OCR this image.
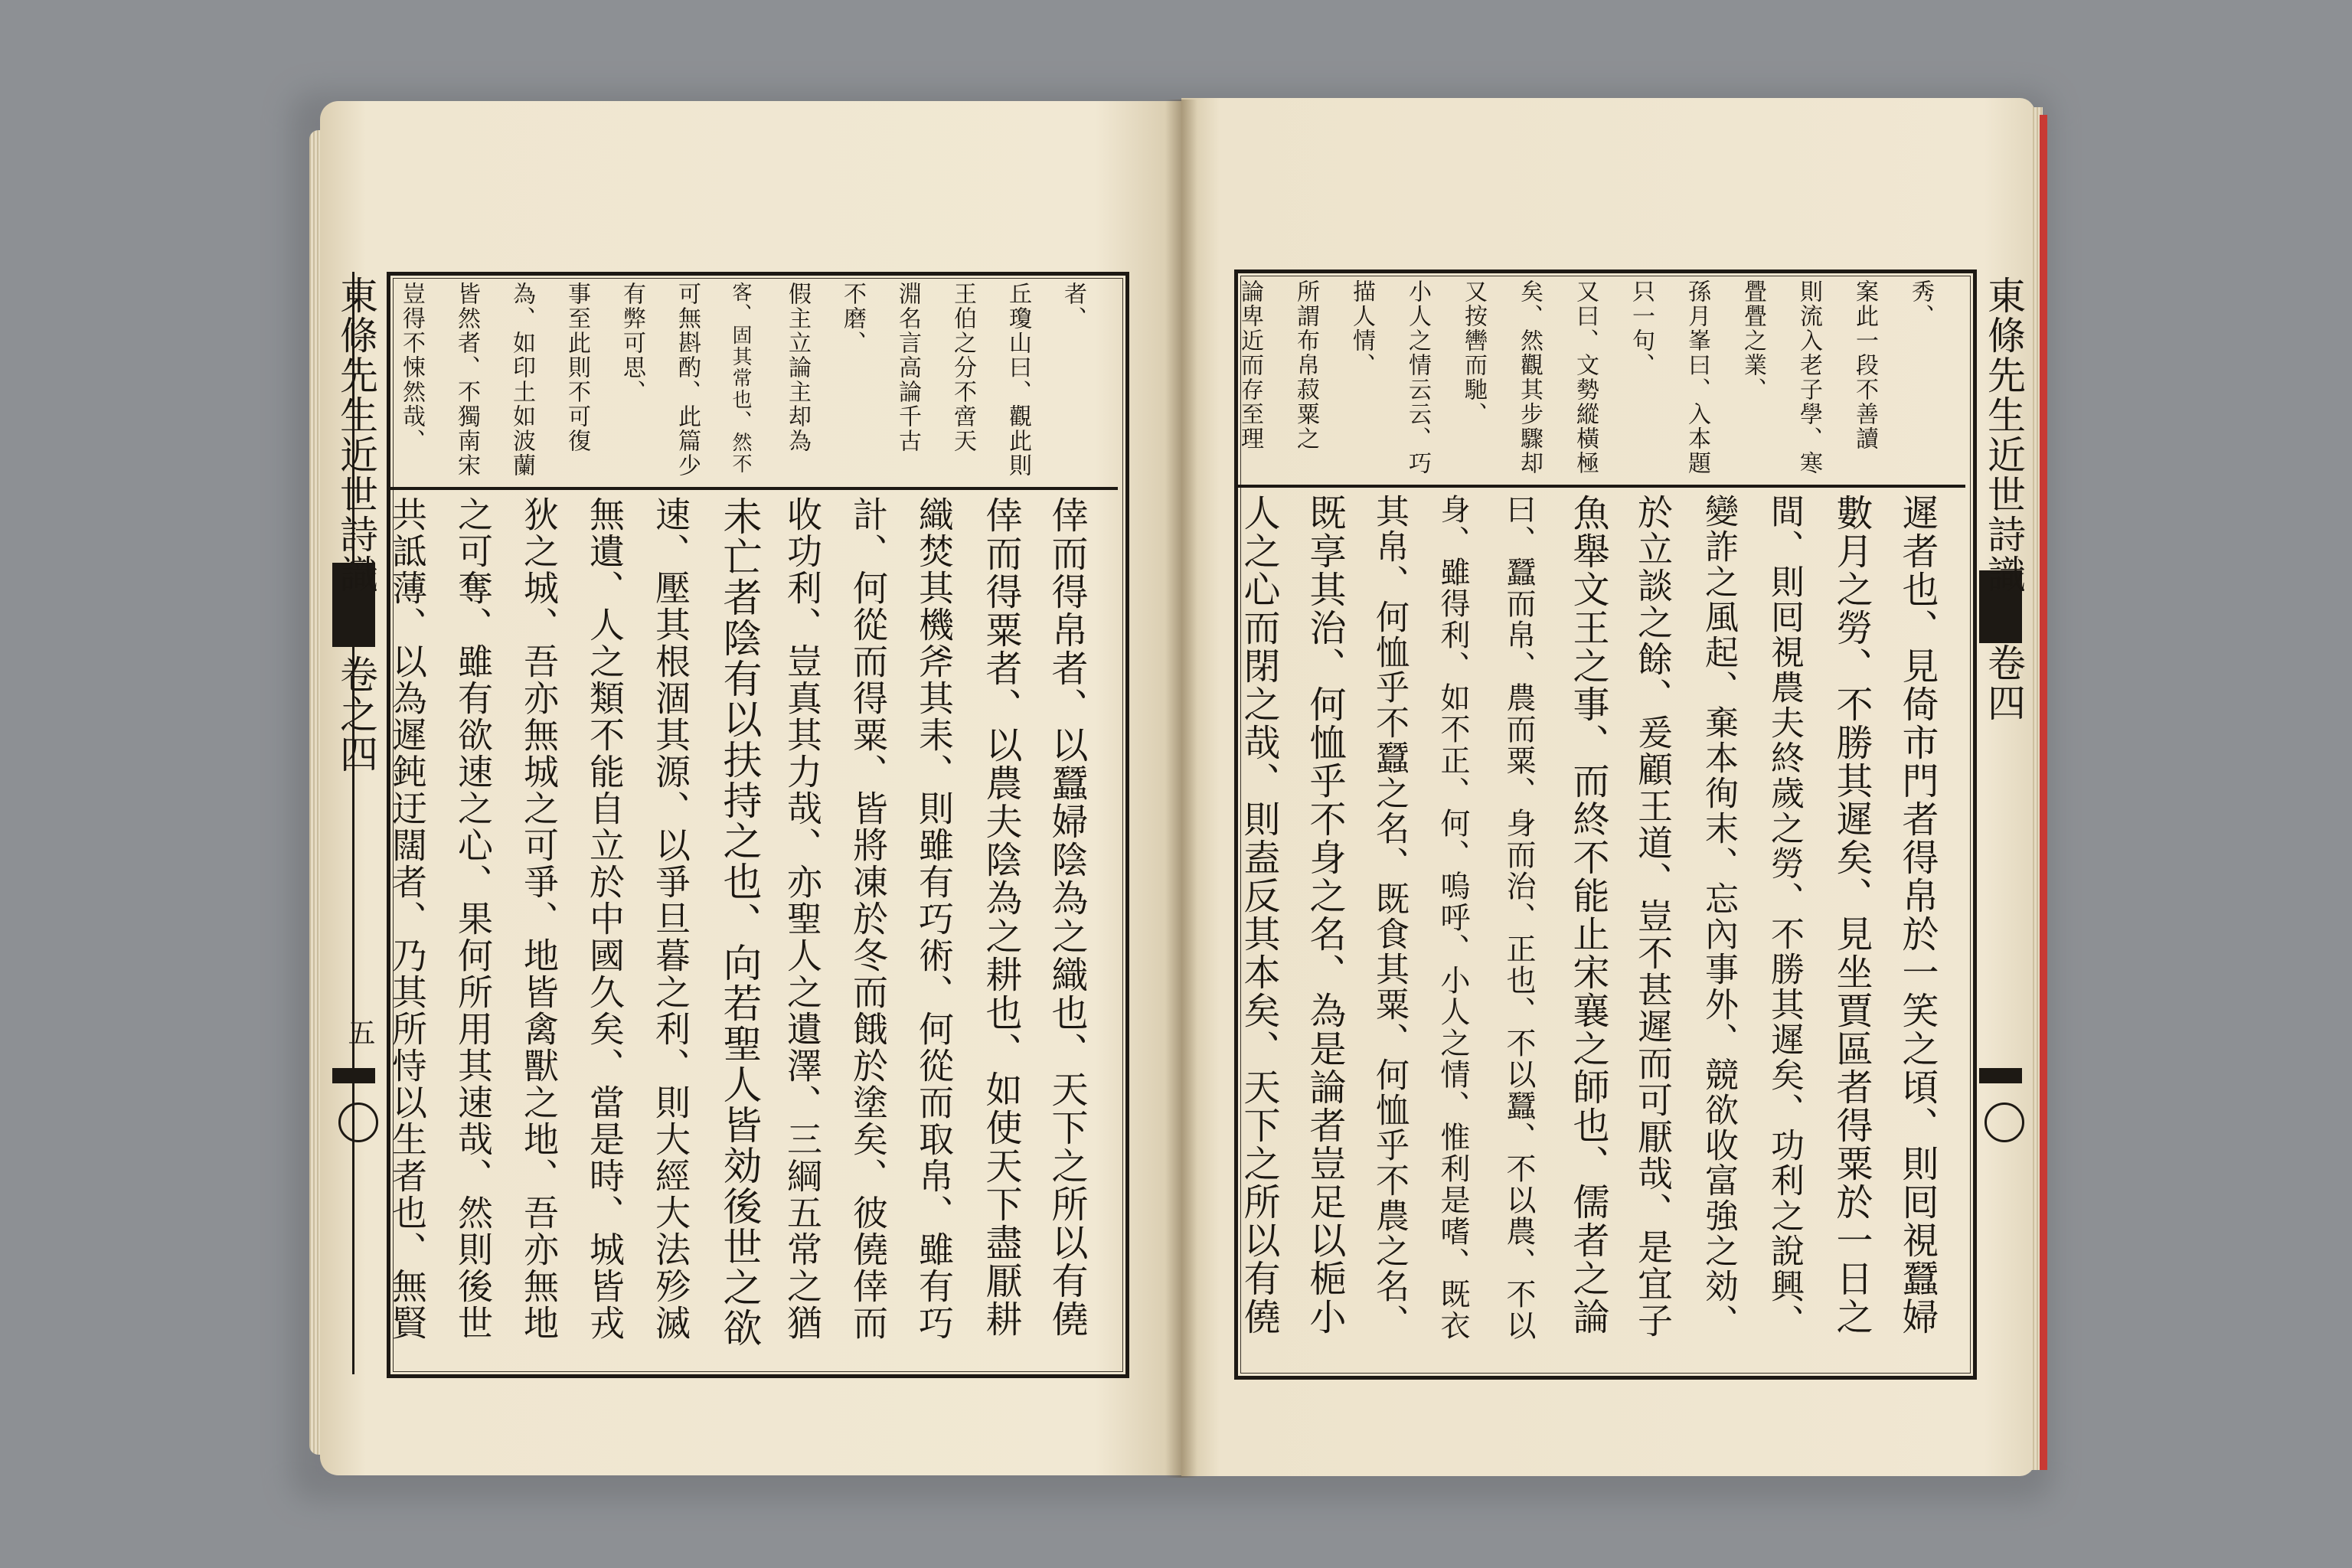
東條先生近世詩識
卷之四
五
者、
丘瓊山曰、觀此則
王伯之分不啻天
淵名言高論千古
不磨、
假主立論主却為
客、固其常也、然不
可無斟酌、此篇少
有弊可思、
事至此則不可復
為、如印土如波蘭
皆然者、不獨南宋
豈得不悚然哉、
倖而得帛者、以蠶婦陰為之織也、天下之所以有僥
倖而得粟者、以農夫陰為之耕也、如使天下盡厭耕
織焚其機斧其耒、則雖有巧術、何從而取帛、雖有巧
計、何從而得粟、皆將凍於冬而餓於塗矣、彼僥倖而
收功利、豈真其力哉、亦聖人之遺澤、三綱五常之猶
未亡者陰有以扶持之也、向若聖人皆効後世之欲
速、壓其根涸其源、以爭旦暮之利、則大經大法殄滅
無遺、人之類不能自立於中國久矣、當是時、城皆戎
狄之城、吾亦無城之可爭、地皆禽獸之地、吾亦無地
之可奪、雖有欲速之心、果何所用其速哉、然則後世
共詆薄、以為遲鈍迂闊者、乃其所恃以生者也、無賢
東條先生近世詩識
卷四
秀、
案此一段不善讀
則流入老子學、寒
舋舋之業、
孫月峯曰、入本題
只一句、
又曰、文勢縱橫極
矣、然觀其步驟却
又按轡而馳、
小人之情云云、巧
描人情、
所謂布帛菽粟之
論卑近而存至理
遲者也、見倚市門者得帛於一笑之頃、則囘視蠶婦
數月之勞、不勝其遲矣、見坐賈區者得粟於一日之
間、則囘視農夫終歲之勞、不勝其遲矣、功利之說興、
變詐之風起、棄本徇末、忘內事外、競欲收富強之効、
於立談之餘、爰顧王道、豈不甚遲而可厭哉、是宜子
魚舉文王之事、而終不能止宋襄之師也、儒者之論
曰、蠶而帛、農而粟、身而治、正也、不以蠶、不以農、不以
身、雖得利、如不正、何、嗚呼、小人之情、惟利是嗜、既衣
其帛、何恤乎不蠶之名、既食其粟、何恤乎不農之名、
既享其治、何恤乎不身之名、為是論者豈足以梔小
人之心而閉之哉、則盍反其本矣、天下之所以有僥
